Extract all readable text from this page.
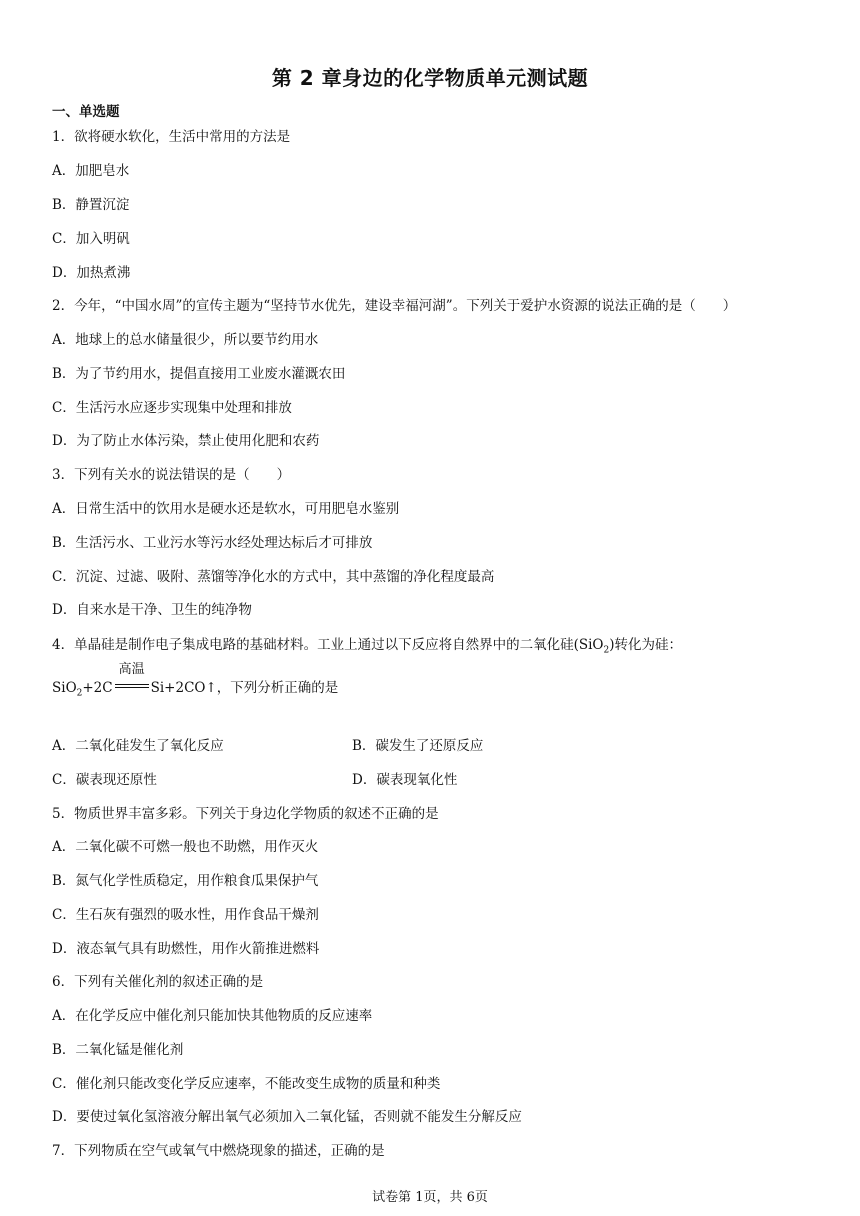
第 2 章身边的化学物质单元测试题
一、单选题
1．欲将硬水软化，生活中常用的方法是
A．加肥皂水
B．静置沉淀
C．加入明矾
D．加热煮沸
2．今年，“中国水周”的宣传主题为“坚持节水优先，建设幸福河湖”。下列关于爱护水资源的说法正确的是（　　）
A．地球上的总水储量很少，所以要节约用水
B．为了节约用水，提倡直接用工业废水灌溉农田
C．生活污水应逐步实现集中处理和排放
D．为了防止水体污染，禁止使用化肥和农药
3．下列有关水的说法错误的是（　　）
A．日常生活中的饮用水是硬水还是软水，可用肥皂水鉴别
B．生活污水、工业污水等污水经处理达标后才可排放
C．沉淀、过滤、吸附、蒸馏等净化水的方式中，其中蒸馏的净化程度最高
D．自来水是干净、卫生的纯净物
4．单晶硅是制作电子集成电路的基础材料。工业上通过以下反应将自然界中的二氧化硅(SiO$_2$)转化为硅：
SiO$_2$+2C
高温
Si+2CO↑，下列分析正确的是
A．二氧化硅发生了氧化反应	B．碳发生了还原反应
C．碳表现还原性	D．碳表现氧化性
5．物质世界丰富多彩。下列关于身边化学物质的叙述不正确的是
A．二氧化碳不可燃一般也不助燃，用作灭火
B．氮气化学性质稳定，用作粮食瓜果保护气
C．生石灰有强烈的吸水性，用作食品干燥剂
D．液态氧气具有助燃性，用作火箭推进燃料
6．下列有关催化剂的叙述正确的是
A．在化学反应中催化剂只能加快其他物质的反应速率
B．二氧化锰是催化剂
C．催化剂只能改变化学反应速率，不能改变生成物的质量和种类
D．要使过氧化氢溶液分解出氧气必须加入二氧化锰，否则就不能发生分解反应
7．下列物质在空气或氧气中燃烧现象的描述，正确的是
试卷第 1页，共 6页
